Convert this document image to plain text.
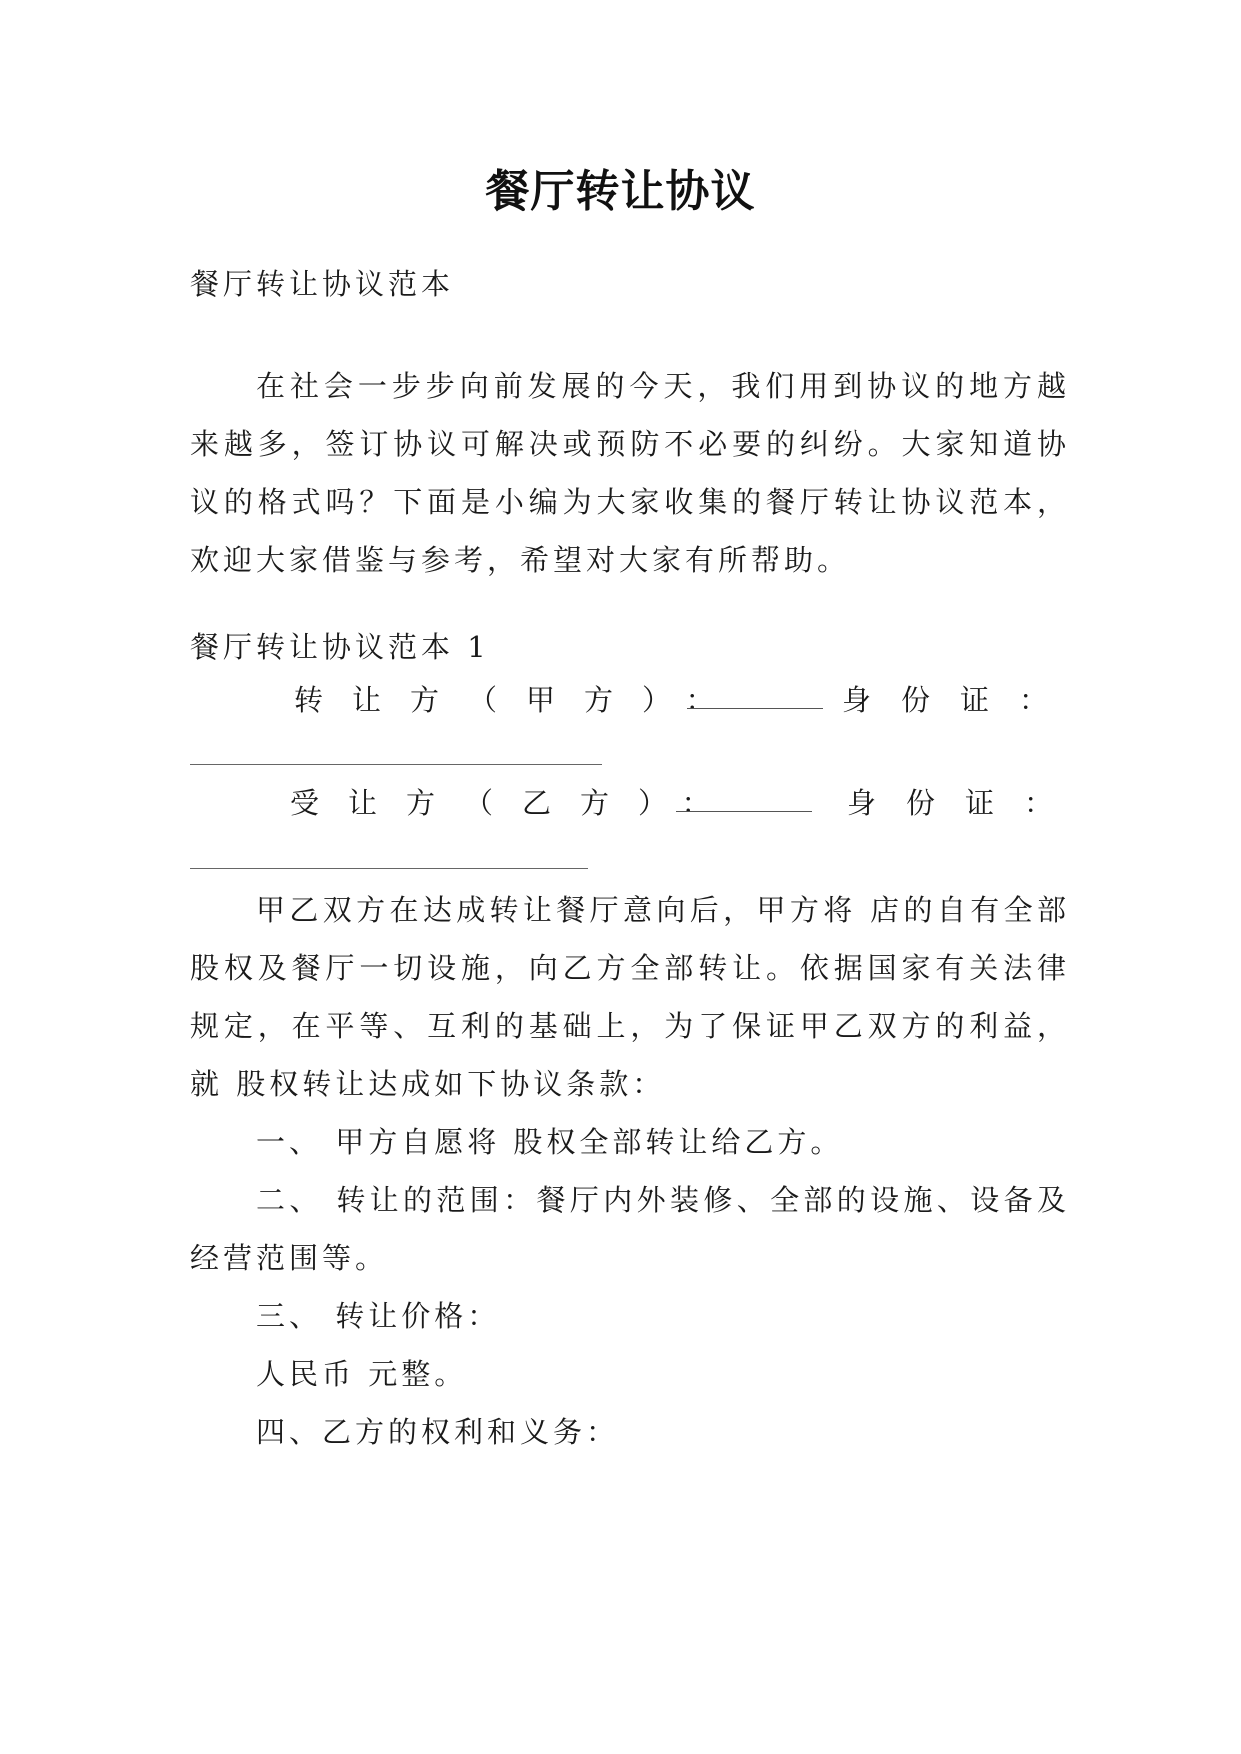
餐厅转让协议
餐厅转让协议范本
在社会一步步向前发展的今天，我们用到协议的地方越来越多，签订协议可解决或预防不必要的纠纷。大家知道协议的格式吗？下面是小编为大家收集的餐厅转让协议范本，欢迎大家借鉴与参考，希望对大家有所帮助。
餐厅转让协议范本 1
转让方（甲方）：	身份证：
受让方（乙方）：	身份证：
甲乙双方在达成转让餐厅意向后，甲方将 店的自有全部股权及餐厅一切设施，向乙方全部转让。依据国家有关法律规定，在平等、互利的基础上，为了保证甲乙双方的利益，就 股权转让达成如下协议条款：
一、 甲方自愿将 股权全部转让给乙方。
二、 转让的范围：餐厅内外装修、全部的设施、设备及经营范围等。
三、 转让价格：
人民币 元整。
四、乙方的权利和义务：
